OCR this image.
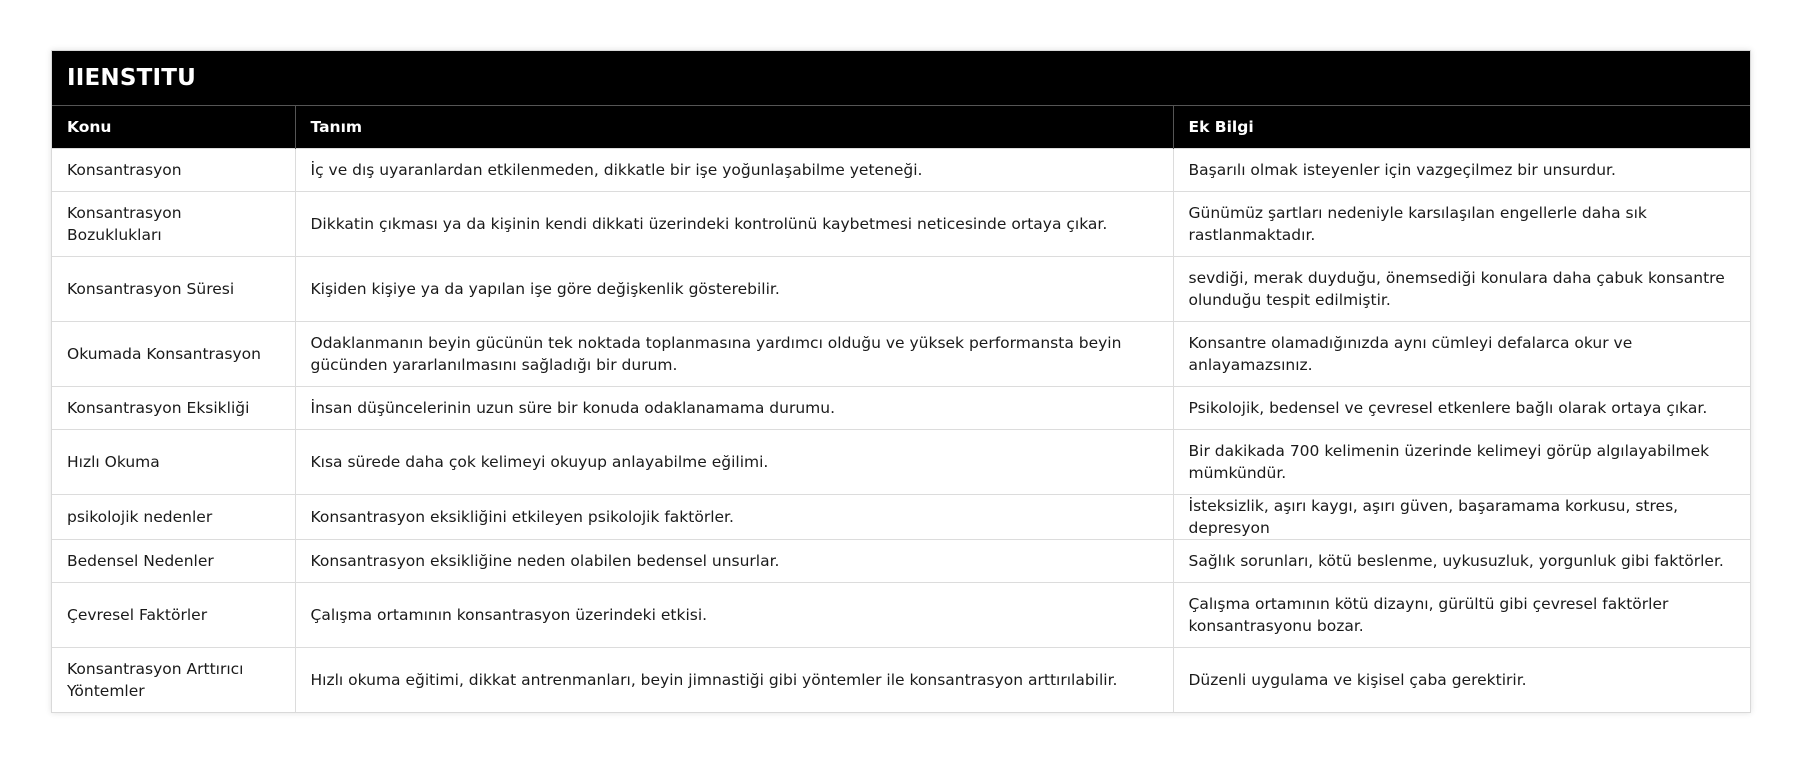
IIENSTITU
Konu	Tanım	Ek Bilgi
Konsantrasyon	İç ve dış uyaranlardan etkilenmeden, dikkatle bir işe yoğunlaşabilme yeteneği.	Başarılı olmak isteyenler için vazgeçilmez bir unsurdur.
Konsantrasyon Bozuklukları	Dikkatin çıkması ya da kişinin kendi dikkati üzerindeki kontrolünü kaybetmesi neticesinde ortaya çıkar.	Günümüz şartları nedeniyle karsılaşılan engellerle daha sık rastlanmaktadır.
Konsantrasyon Süresi	Kişiden kişiye ya da yapılan işe göre değişkenlik gösterebilir.	sevdiği, merak duyduğu, önemsediği konulara daha çabuk konsantre olunduğu tespit edilmiştir.
Okumada Konsantrasyon	Odaklanmanın beyin gücünün tek noktada toplanmasına yardımcı olduğu ve yüksek performansta beyin gücünden yararlanılmasını sağladığı bir durum.	Konsantre olamadığınızda aynı cümleyi defalarca okur ve anlayamazsınız.
Konsantrasyon Eksikliği	İnsan düşüncelerinin uzun süre bir konuda odaklanamama durumu.	Psikolojik, bedensel ve çevresel etkenlere bağlı olarak ortaya çıkar.
Hızlı Okuma	Kısa sürede daha çok kelimeyi okuyup anlayabilme eğilimi.	Bir dakikada 700 kelimenin üzerinde kelimeyi görüp algılayabilmek mümkündür.
psikolojik nedenler	Konsantrasyon eksikliğini etkileyen psikolojik faktörler.	İsteksizlik, aşırı kaygı, aşırı güven, başaramama korkusu, stres, depresyon
Bedensel Nedenler	Konsantrasyon eksikliğine neden olabilen bedensel unsurlar.	Sağlık sorunları, kötü beslenme, uykusuzluk, yorgunluk gibi faktörler.
Çevresel Faktörler	Çalışma ortamının konsantrasyon üzerindeki etkisi.	Çalışma ortamının kötü dizaynı, gürültü gibi çevresel faktörler konsantrasyonu bozar.
Konsantrasyon Arttırıcı Yöntemler	Hızlı okuma eğitimi, dikkat antrenmanları, beyin jimnastiği gibi yöntemler ile konsantrasyon arttırılabilir.	Düzenli uygulama ve kişisel çaba gerektirir.
